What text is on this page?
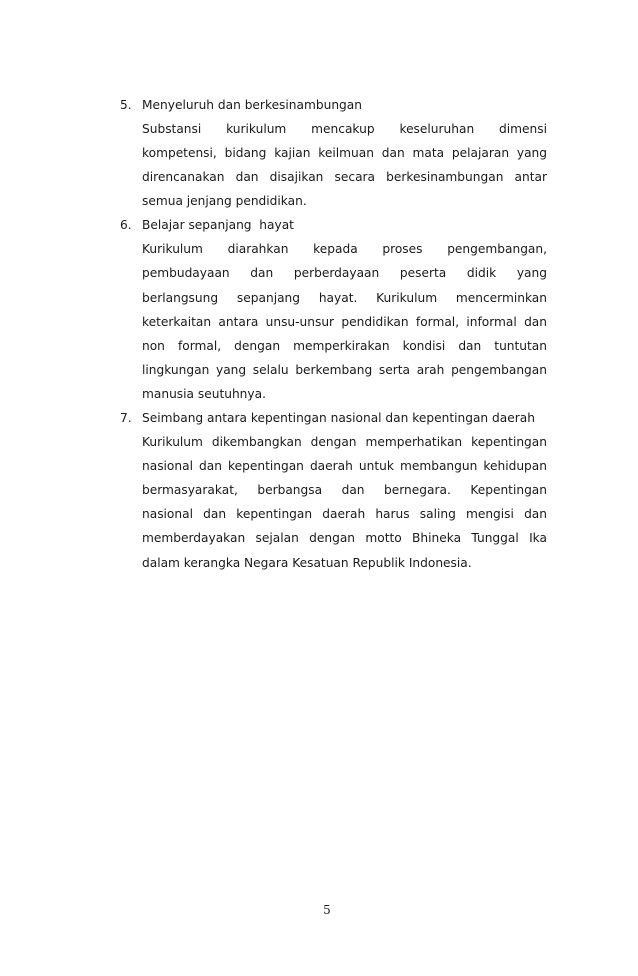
5. Menyeluruh dan berkesinambungan

Substansi kurikulum mencakup keseluruhan dimensi
kompetensi, bidang kajian keilmuan dan mata pelajaran yang
direncanakan dan disajikan secara berkesinambungan antar
semua jenjang pendidikan.

6. Belajar sepanjang  hayat

Kurikulum diarahkan kepada proses pengembangan,
pembudayaan dan perberdayaan peserta didik yang
berlangsung sepanjang hayat. Kurikulum mencerminkan
keterkaitan antara unsu-unsur pendidikan formal, informal dan
non formal, dengan memperkirakan kondisi dan tuntutan
lingkungan yang selalu berkembang serta arah pengembangan
manusia seutuhnya.

7. Seimbang antara kepentingan nasional dan kepentingan daerah

Kurikulum dikembangkan dengan memperhatikan kepentingan
nasional dan kepentingan daerah untuk membangun kehidupan
bermasyarakat, berbangsa dan bernegara. Kepentingan
nasional dan kepentingan daerah harus saling mengisi dan
memberdayakan sejalan dengan motto Bhineka Tunggal Ika
dalam kerangka Negara Kesatuan Republik Indonesia.

5
